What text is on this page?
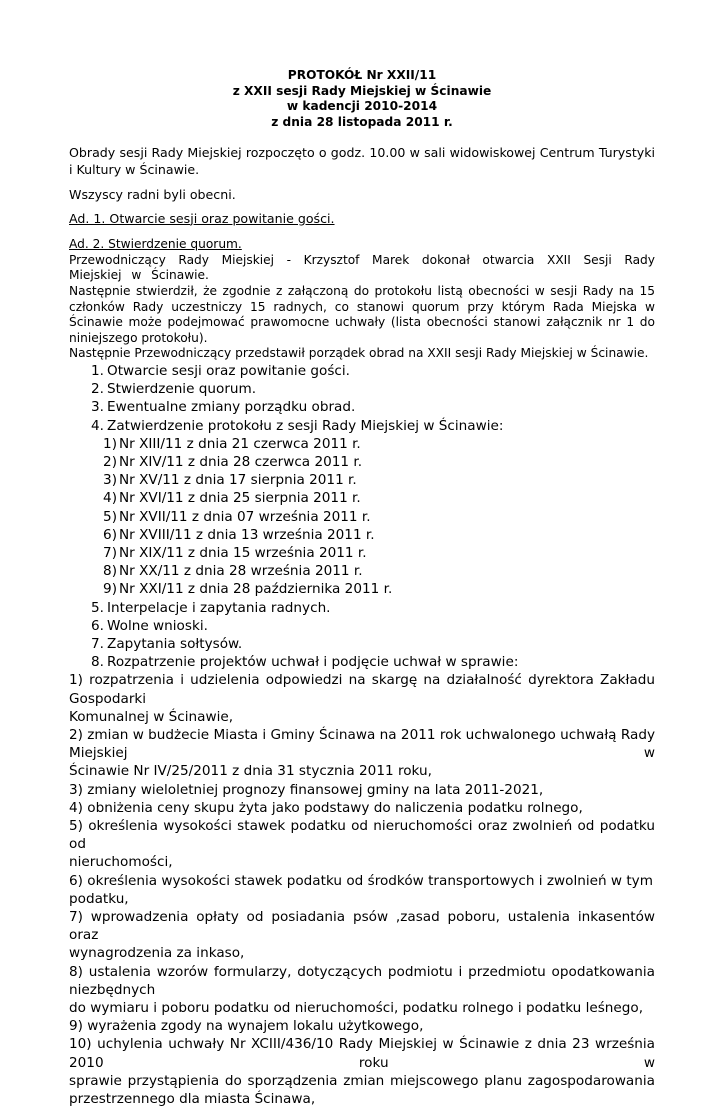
PROTOKÓŁ Nr XXII/11
z XXII sesji Rady Miejskiej w Ścinawie
w kadencji 2010-2014
z dnia 28 listopada 2011 r.

Obrady sesji Rady Miejskiej rozpoczęto o godz. 10.00 w sali widowiskowej Centrum Turystyki i Kultury w Ścinawie.

Wszyscy radni byli obecni.

Ad. 1. Otwarcie sesji oraz powitanie gości.

Ad. 2. Stwierdzenie quorum.

Przewodniczący Rady Miejskiej - Krzysztof Marek dokonał otwarcia XXII Sesji Rady Miejskiej w Ścinawie.

Następnie stwierdził, że zgodnie z załączoną do protokołu listą obecności w sesji Rady na 15 członków Rady uczestniczy 15 radnych, co stanowi quorum przy którym Rada Miejska w Ścinawie może podejmować prawomocne uchwały (lista obecności stanowi załącznik nr 1 do niniejszego protokołu).

Następnie Przewodniczący przedstawił porządek obrad na XXII sesji Rady Miejskiej w Ścinawie.

1. Otwarcie sesji oraz powitanie gości.
2. Stwierdzenie quorum.
3. Ewentualne zmiany porządku obrad.
4. Zatwierdzenie protokołu z sesji Rady Miejskiej w Ścinawie:
1) Nr XIII/11 z dnia 21 czerwca 2011 r.
2) Nr XIV/11 z dnia 28 czerwca 2011 r.
3) Nr XV/11 z dnia 17 sierpnia 2011 r.
4) Nr XVI/11 z dnia 25 sierpnia 2011 r.
5) Nr XVII/11 z dnia 07 września 2011 r.
6) Nr XVIII/11 z dnia 13 września 2011 r.
7) Nr XIX/11 z dnia 15 września 2011 r.
8) Nr XX/11 z dnia 28 września 2011 r.
9) Nr XXI/11 z dnia 28 października 2011 r.
5. Interpelacje i zapytania radnych.
6. Wolne wnioski.
7. Zapytania sołtysów.
8. Rozpatrzenie projektów uchwał i podjęcie uchwał w sprawie:
1) rozpatrzenia i udzielenia odpowiedzi na skargę na działalność dyrektora Zakładu Gospodarki
Komunalnej w Ścinawie,
2) zmian w budżecie Miasta i Gminy Ścinawa na 2011 rok uchwalonego uchwałą Rady Miejskiej w
Ścinawie Nr IV/25/2011 z dnia 31 stycznia 2011 roku,
3) zmiany wieloletniej prognozy finansowej gminy na lata 2011-2021,
4) obniżenia ceny skupu żyta jako podstawy do naliczenia podatku rolnego,
5) określenia wysokości stawek podatku od nieruchomości oraz zwolnień od podatku od
nieruchomości,
6) określenia wysokości stawek podatku od środków transportowych i zwolnień w tym podatku,
7) wprowadzenia opłaty od posiadania psów ,zasad poboru, ustalenia inkasentów oraz
wynagrodzenia za inkaso,
8) ustalenia wzorów formularzy, dotyczących podmiotu i przedmiotu opodatkowania niezbędnych
do wymiaru i poboru podatku od nieruchomości, podatku rolnego i podatku leśnego,
9) wyrażenia zgody na wynajem lokalu użytkowego,
10) uchylenia uchwały Nr XCIII/436/10 Rady Miejskiej w Ścinawie z dnia 23 września 2010 roku w
sprawie przystąpienia do sporządzenia zmian miejscowego planu zagospodarowania
przestrzennego dla miasta Ścinawa,
